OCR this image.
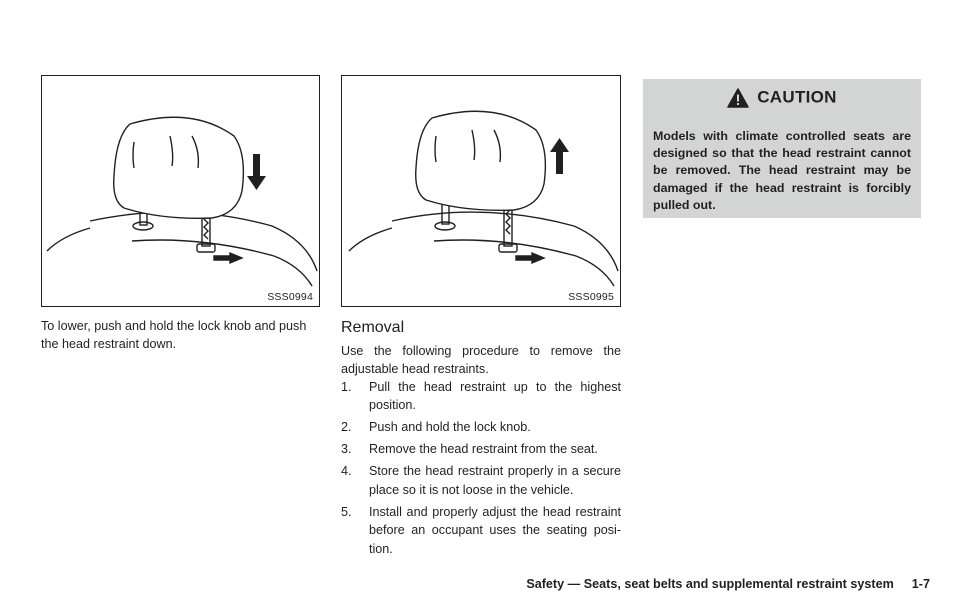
SSS0994	SSS0995

To lower, push and hold the lock knob and push the head restraint down.

Removal

Use the following procedure to remove the adjustable head restraints.

1. Pull the head restraint up to the highest position.
2. Push and hold the lock knob.
3. Remove the head restraint from the seat.
4. Store the head restraint properly in a secure place so it is not loose in the vehicle.
5. Install and properly adjust the head restraint before an occupant uses the seating posi-tion.
CAUTION

Models with climate controlled seats are designed so that the head restraint cannot be removed. The head restraint may be damaged if the head restraint is forcibly pulled out.

Safety — Seats, seat belts and supplemental restraint system 1-7
